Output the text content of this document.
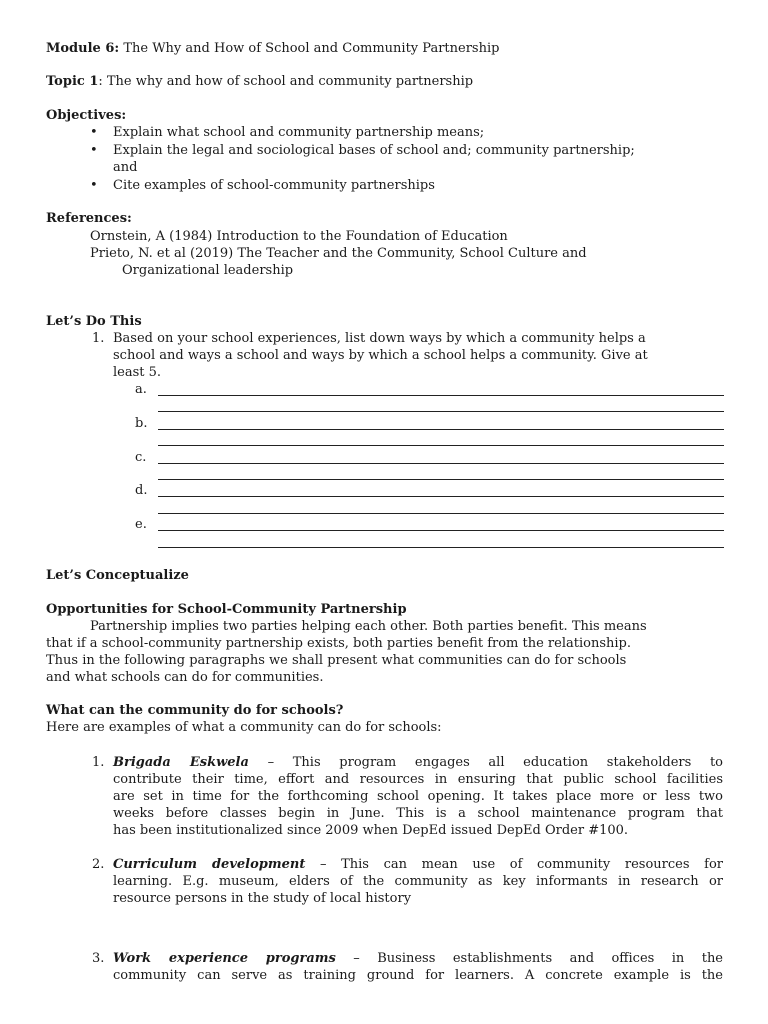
Module 6: The Why and How of School and Community Partnership
Topic 1: The why and how of school and community partnership
Objectives:
• Explain what school and community partnership means;
• Explain the legal and sociological bases of school and; community partnership;
and
• Cite examples of school-community partnerships
References:
Ornstein, A (1984) Introduction to the Foundation of Education
Prieto, N. et al (2019) The Teacher and the Community, School Culture and
Organizational leadership
Let’s Do This
1. Based on your school experiences, list down ways by which a community helps a
school and ways a school and ways by which a school helps a community. Give at
least 5.
a.
b.
c.
d.
e.
Let’s Conceptualize
Opportunities for School-Community Partnership
Partnership implies two parties helping each other. Both parties benefit. This means
that if a school-community partnership exists, both parties benefit from the relationship.
Thus in the following paragraphs we shall present what communities can do for schools
and what schools can do for communities.
What can the community do for schools?
Here are examples of what a community can do for schools:
1. Brigada Eskwela – This program engages all education stakeholders to
contribute their time, effort and resources in ensuring that public school facilities
are set in time for the forthcoming school opening. It takes place more or less two
weeks before classes begin in June. This is a school maintenance program that
has been institutionalized since 2009 when DepEd issued DepEd Order #100.
2. Curriculum development – This can mean use of community resources for
learning. E.g. museum, elders of the community as key informants in research or
resource persons in the study of local history
3. Work experience programs – Business establishments and offices in the
community can serve as training ground for learners. A concrete example is the
